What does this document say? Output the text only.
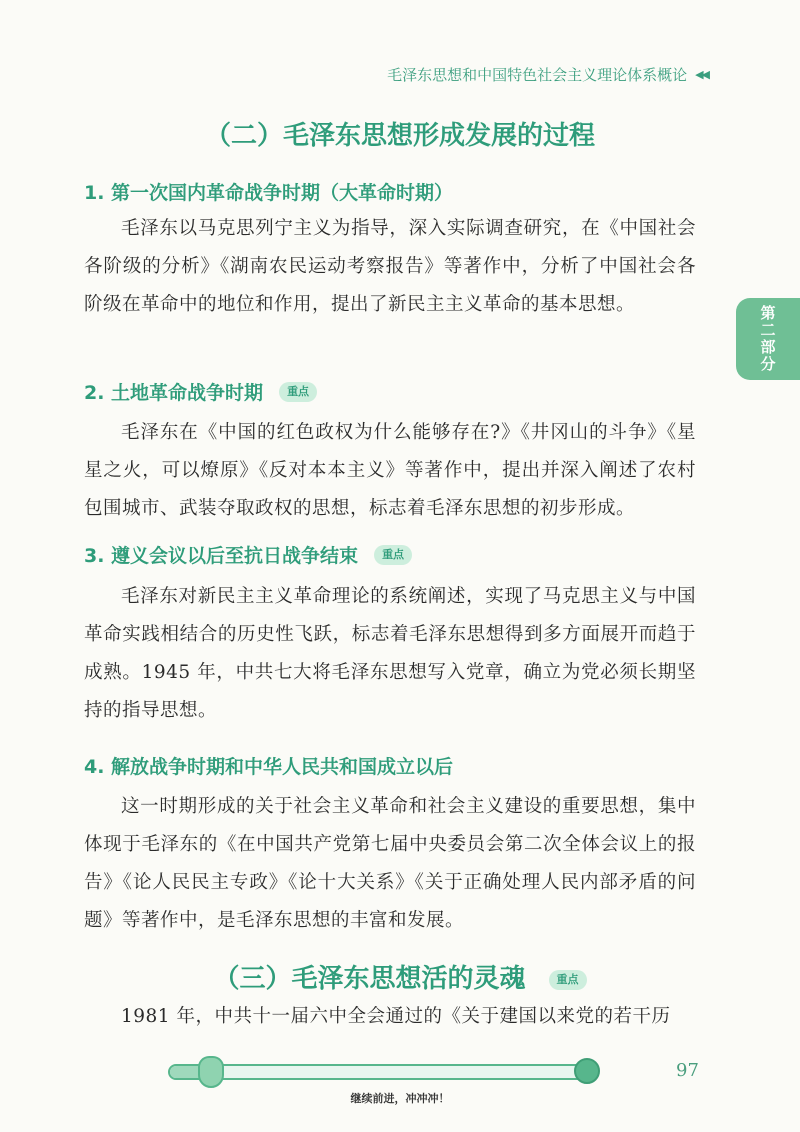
毛泽东思想和中国特色社会主义理论体系概论 ◀◀
第二部分
（二）毛泽东思想形成发展的过程
1. 第一次国内革命战争时期（大革命时期）

毛泽东以马克思列宁主义为指导，深入实际调查研究，在《中国社会各阶级的分析》《湖南农民运动考察报告》等著作中，分析了中国社会各阶级在革命中的地位和作用，提出了新民主主义革命的基本思想。

2. 土地革命战争时期	重点

毛泽东在《中国的红色政权为什么能够存在?》《井冈山的斗争》《星星之火，可以燎原》《反对本本主义》等著作中，提出并深入阐述了农村包围城市、武装夺取政权的思想，标志着毛泽东思想的初步形成。

3. 遵义会议以后至抗日战争结束	重点

毛泽东对新民主主义革命理论的系统阐述，实现了马克思主义与中国革命实践相结合的历史性飞跃，标志着毛泽东思想得到多方面展开而趋于成熟。1945 年，中共七大将毛泽东思想写入党章，确立为党必须长期坚持的指导思想。

4. 解放战争时期和中华人民共和国成立以后

这一时期形成的关于社会主义革命和社会主义建设的重要思想，集中体现于毛泽东的《在中国共产党第七届中央委员会第二次全体会议上的报告》《论人民民主专政》《论十大关系》《关于正确处理人民内部矛盾的问题》等著作中，是毛泽东思想的丰富和发展。

（三）毛泽东思想活的灵魂	重点

1981 年，中共十一届六中全会通过的《关于建国以来党的若干历

97
继续前进，冲冲冲！
